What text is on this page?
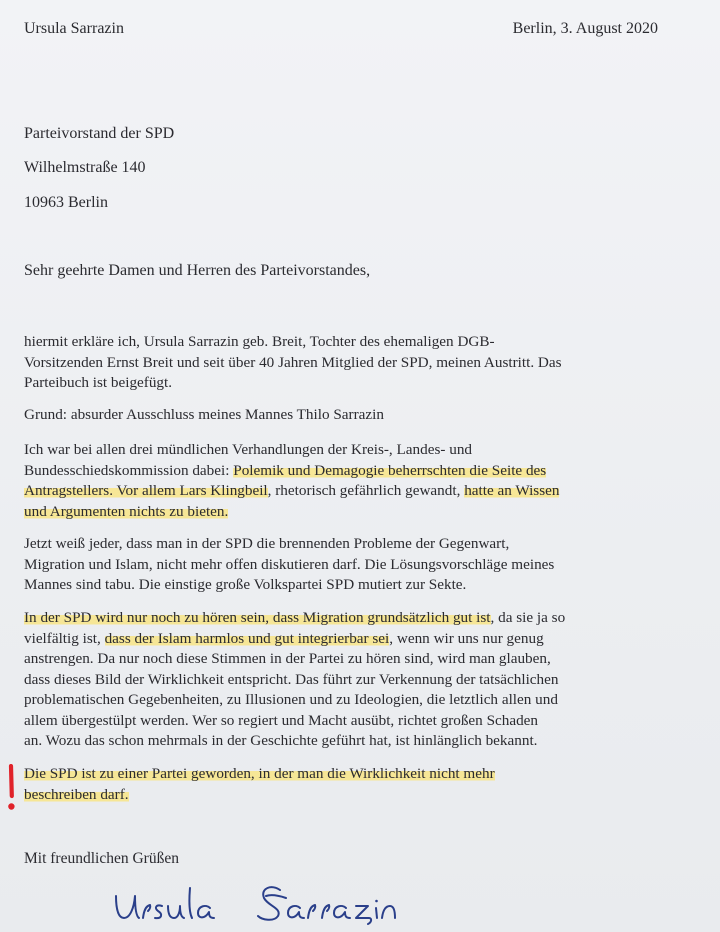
Ursula Sarrazin	Berlin, 3. August 2020
Parteivorstand der SPD
Wilhelmstraße 140
10963 Berlin
Sehr geehrte Damen und Herren des Parteivorstandes,
hiermit erkläre ich, Ursula Sarrazin geb. Breit, Tochter des ehemaligen DGB-
Vorsitzenden Ernst Breit und seit über 40 Jahren Mitglied der SPD, meinen Austritt. Das
Parteibuch ist beigefügt.
Grund: absurder Ausschluss meines Mannes Thilo Sarrazin
Ich war bei allen drei mündlichen Verhandlungen der Kreis-, Landes- und
Bundesschiedskommission dabei: Polemik und Demagogie beherrschten die Seite des
Antragstellers. Vor allem Lars Klingbeil, rhetorisch gefährlich gewandt, hatte an Wissen
und Argumenten nichts zu bieten.
Jetzt weiß jeder, dass man in der SPD die brennenden Probleme der Gegenwart,
Migration und Islam, nicht mehr offen diskutieren darf. Die Lösungsvorschläge meines
Mannes sind tabu. Die einstige große Volkspartei SPD mutiert zur Sekte.
In der SPD wird nur noch zu hören sein, dass Migration grundsätzlich gut ist, da sie ja so
vielfältig ist, dass der Islam harmlos und gut integrierbar sei, wenn wir uns nur genug
anstrengen. Da nur noch diese Stimmen in der Partei zu hören sind, wird man glauben,
dass dieses Bild der Wirklichkeit entspricht. Das führt zur Verkennung der tatsächlichen
problematischen Gegebenheiten, zu Illusionen und zu Ideologien, die letztlich allen und
allem übergestülpt werden. Wer so regiert und Macht ausübt, richtet großen Schaden
an. Wozu das schon mehrmals in der Geschichte geführt hat, ist hinlänglich bekannt.
Die SPD ist zu einer Partei geworden, in der man die Wirklichkeit nicht mehr
beschreiben darf.
Mit freundlichen Grüßen
